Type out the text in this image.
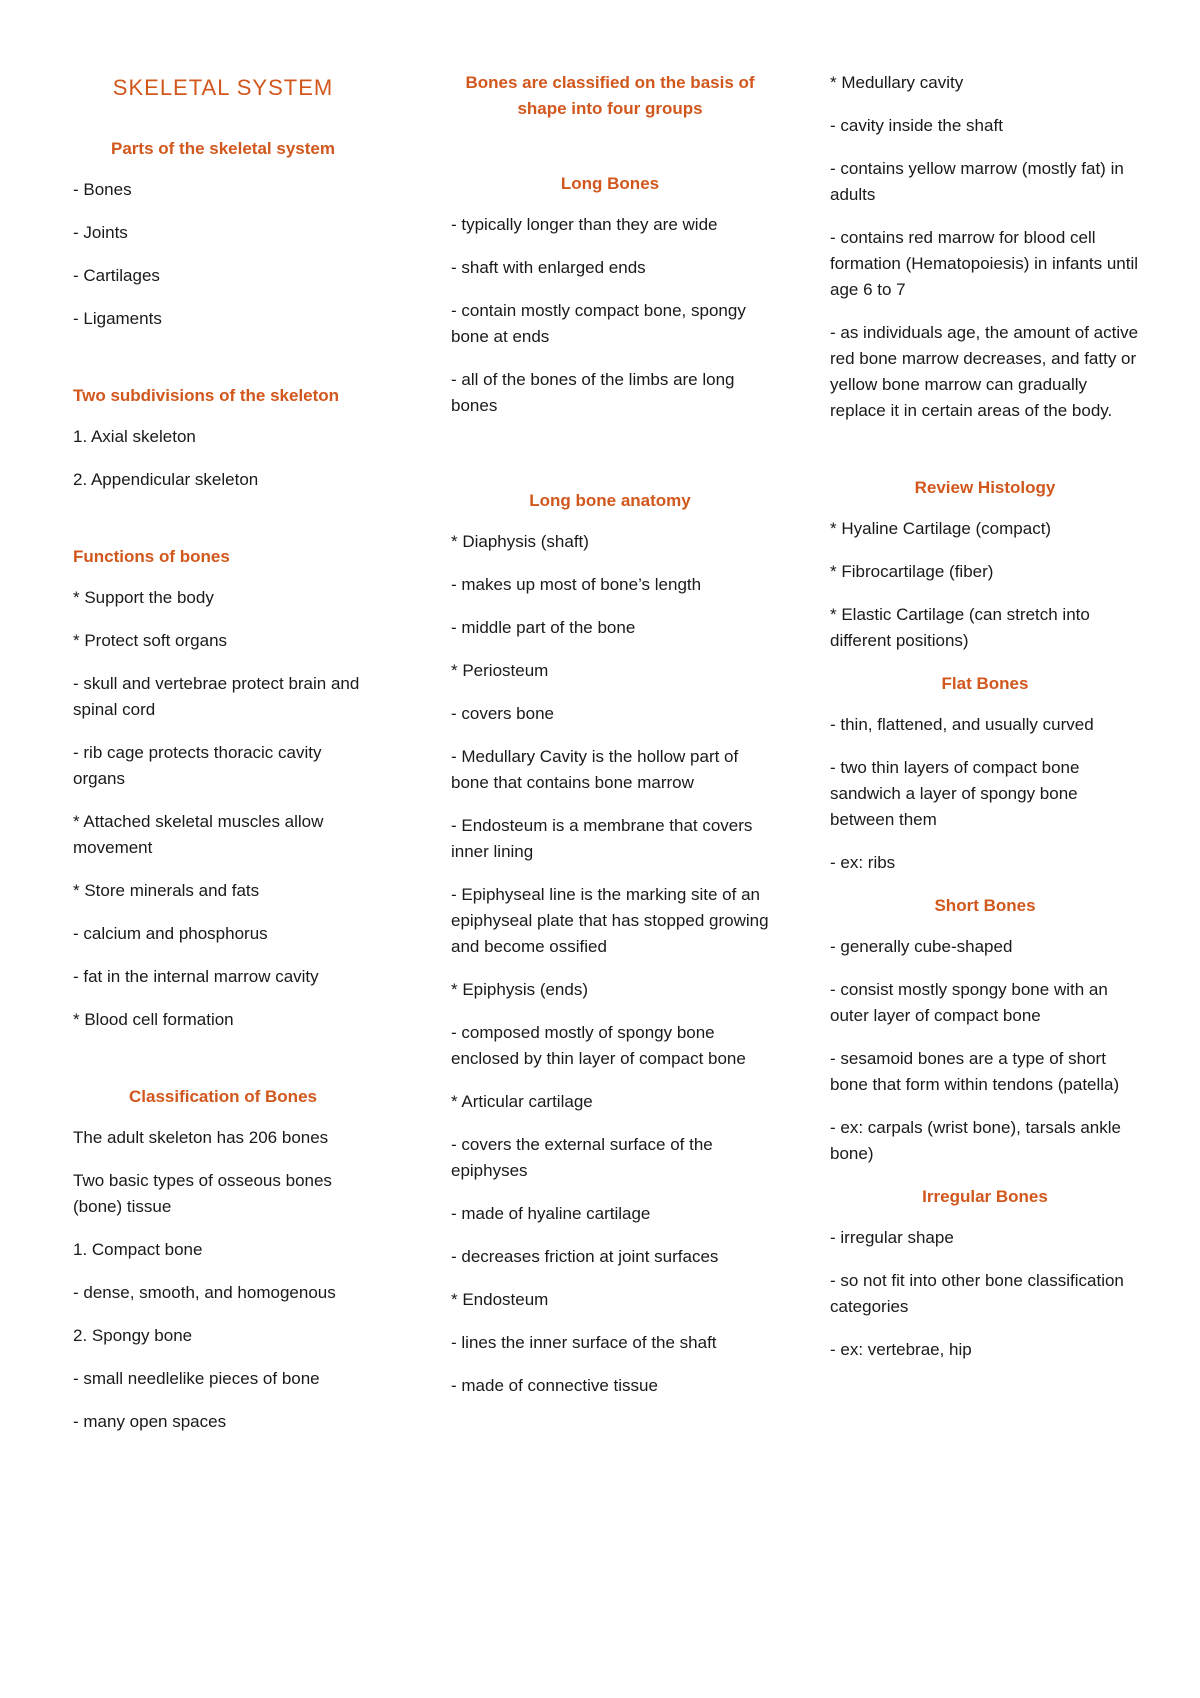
SKELETAL SYSTEM
Parts of the skeletal system
- Bones
- Joints
- Cartilages
- Ligaments
Two subdivisions of the skeleton
1. Axial skeleton
2. Appendicular skeleton
Functions of bones
* Support the body
* Protect soft organs
- skull and vertebrae protect brain and spinal cord
- rib cage protects thoracic cavity organs
* Attached skeletal muscles allow movement
* Store minerals and fats
- calcium and phosphorus
- fat in the internal marrow cavity
* Blood cell formation
Classification of Bones
The adult skeleton has 206 bones
Two basic types of osseous bones (bone) tissue
1. Compact bone
- dense, smooth, and homogenous
2. Spongy bone
- small needlelike pieces of bone
- many open spaces
Bones are classified on the basis of shape into four groups
Long Bones
- typically longer than they are wide
- shaft with enlarged ends
- contain mostly compact bone, spongy bone at ends
- all of the bones of the limbs are long bones
Long bone anatomy
* Diaphysis (shaft)
- makes up most of bone’s length
- middle part of the bone
* Periosteum
- covers bone
- Medullary Cavity is the hollow part of bone that contains bone marrow
- Endosteum is a membrane that covers inner lining
- Epiphyseal line is the marking site of an epiphyseal plate that has stopped growing and become ossified
* Epiphysis (ends)
- composed mostly of spongy bone enclosed by thin layer of compact bone
* Articular cartilage
- covers the external surface of the epiphyses
- made of hyaline cartilage
- decreases friction at joint surfaces
* Endosteum
- lines the inner surface of the shaft
- made of connective tissue
* Medullary cavity
- cavity inside the shaft
- contains yellow marrow (mostly fat) in adults
- contains red marrow for blood cell formation (Hematopoiesis) in infants until age 6 to 7
- as individuals age, the amount of active red bone marrow decreases, and fatty or yellow bone marrow can gradually replace it in certain areas of the body.
Review Histology
* Hyaline Cartilage (compact)
* Fibrocartilage (fiber)
* Elastic Cartilage (can stretch into different positions)
Flat Bones
- thin, flattened, and usually curved
- two thin layers of compact bone sandwich a layer of spongy bone between them
- ex: ribs
Short Bones
- generally cube-shaped
- consist mostly spongy bone with an outer layer of compact bone
- sesamoid bones are a type of short bone that form within tendons (patella)
- ex: carpals (wrist bone), tarsals ankle bone)
Irregular Bones
- irregular shape
- so not fit into other bone classification categories
- ex: vertebrae, hip
